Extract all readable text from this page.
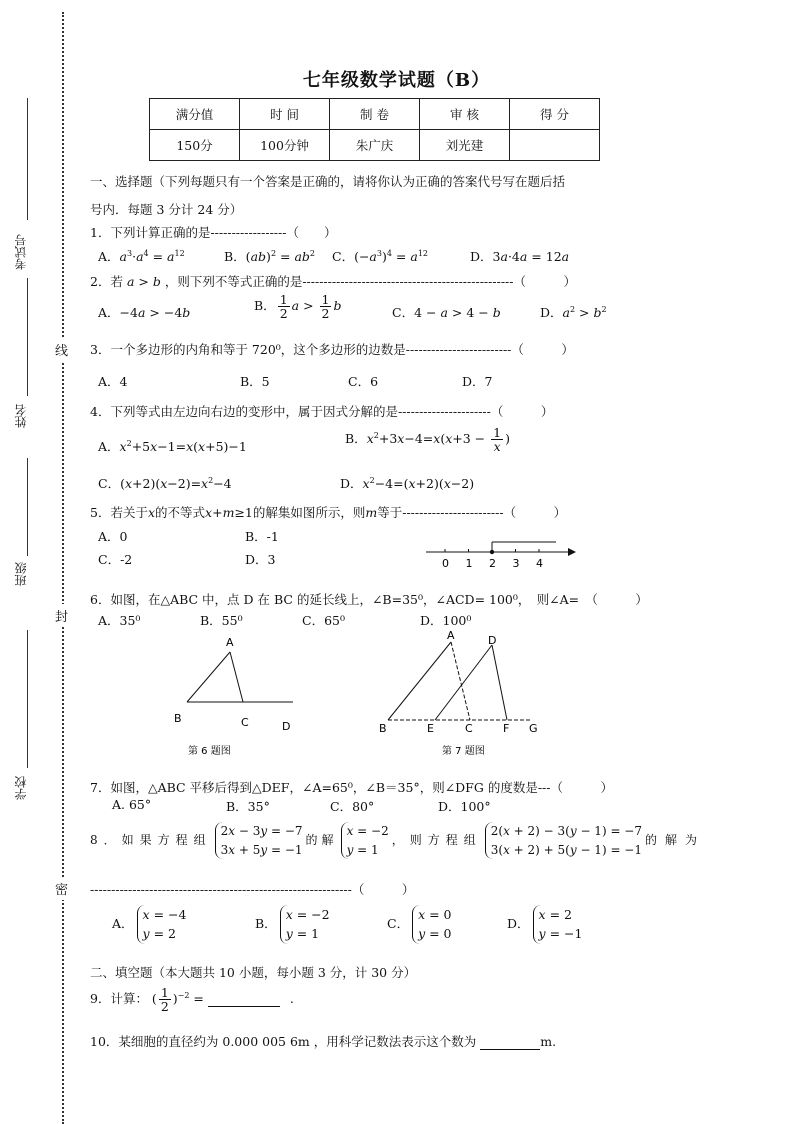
考试号
姓名
班级
学校
线
封
密
七年级数学试题（B）
满分值	时 间	制 卷	审 核	得 分
150分	100分钟	朱广庆	刘光建	
一、选择题（下列每题只有一个答案是正确的，请将你认为正确的答案代号写在题后括
号内．每题 3 分计 24 分）
1．下列计算正确的是------------------（　　）
A．$a^3\cdot a^4 = a^{12}$	B．$(ab)^2 = ab^2$ C．$(-a^3)^4 = a^{12}$	D．3a·4a = 12a
2．若 a > b ，则下列不等式正确的是--------------------------------------------------（　　　）
A．−4a > −4b	B． $\frac{1}{2}$ $a > \frac{1}{2}$ b	C．4 − a > 4 − b	D．$a^2 > b^2$
3．一个多边形的内角和等于 720⁰，这个多边形的边数是-------------------------（　　　）
A．4	B．5	C．6	D．7
4．下列等式由左边向右边的变形中，属于因式分解的是----------------------（　　　）
A．$x^2+5x-1=x(x+5)-1$
B．$x^2+3x-4=x(x+3 - \frac{1}{x}$ )
C．$(x+2)(x-2)=x^2-4$	D．$x^2-4=(x+2)(x-2)$
5．若关于x的不等式x+m≥1的解集如图所示，则m等于------------------------（　　　）
A．0	B．-1
C．-2	D．3	0 1 2 3 4
6．如图，在△ABC 中，点 D 在 BC 的延长线上，∠B=35⁰，∠ACD= 100⁰，　则∠A=　（　　　）
A．35⁰	B．55⁰	C．65⁰	D．100⁰
A
B	C	D
第 6 题图
A	D
B	E	C	F G
第 7 题图
7．如图，△ABC 平移后得到△DEF，∠A=65⁰，∠B＝35°，则∠DFG 的度数是---（　　　）
A. 65°	B．35°	C．80°	D．100°
8．如果方程组2x − 3y = −7
3x + 5y = −1的解x = −2
y = 1，则方程组2(x + 2) − 3(y − 1) = −7
3(x + 2) + 5(y − 1) = −1的解为
--------------------------------------------------------------（　　　）
A．x = −4
y = 2
B．x = −2
y = 1
C．x = 0
y = 0
D．x = 2
y = −1
二、填空题（本大题共 10 小题，每小题 3 分，计 30 分）
9．计算： ( $\frac{1}{2} )^{-2}$ =	.
10．某细胞的直径约为 0.000 005 6m ，用科学记数法表示这个数为	m.
